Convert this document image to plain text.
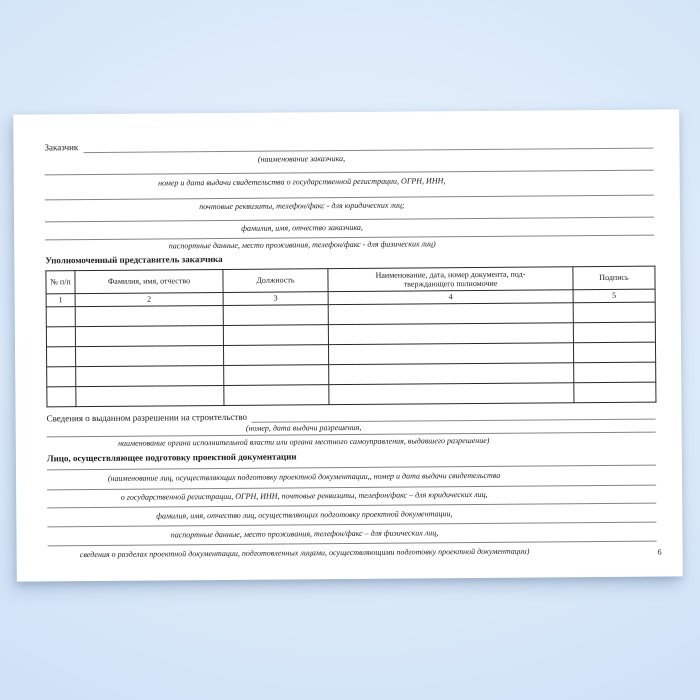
Заказчик
(наименование заказчика,
номер и дата выдачи свидетельства о государственной регистрации, ОГРН, ИНН,
почтовые реквизиты, телефон/факс - для юридических лиц;
фамилия, имя, отчество заказчика,
паспортные данные, место проживания, телефон/факс - для физических лиц)
Уполномоченный представитель заказчика
№ п/п	Фамилия, имя, отчество	Должность	Наименование, дата, номер документа, под-
тверждающего полномочие	Подпись
1	2	3	4	5

Сведения о выданном разрешении на строительство
(номер, дата выдачи разрешения,
наименование органа исполнительной власти или органа местного самоуправления, выдавшего разрешение)
Лицо, осуществляющее подготовку проектной документации
(наименование лиц, осуществляющих подготовку проектной документации,, номер и дата выдачи свидетельства
о государственной регистрации, ОГРН, ИНН, почтовые реквизиты, телефон/факс – для юридических лиц,
фамилия, имя, отчество лиц, осуществляющих подготовку проектной документации,
паспортные данные, место проживания, телефон/факс – для физических лиц,
сведения о разделах проектной документации, подготовленных лицами, осуществляющими подготовку проектной документации)	6
